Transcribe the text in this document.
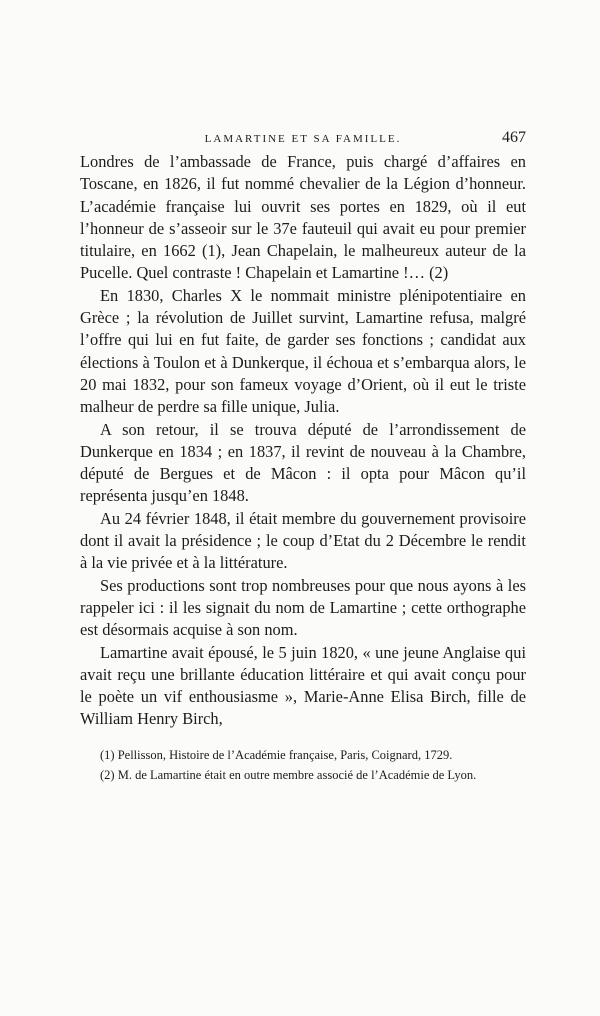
LAMARTINE ET SA FAMILLE.	467

Londres de l’ambassade de France, puis chargé d’affaires en Toscane, en 1826, il fut nommé chevalier de la Légion d’honneur. L’académie française lui ouvrit ses portes en 1829, où il eut l’honneur de s’asseoir sur le 37e fauteuil qui avait eu pour premier titulaire, en 1662 (1), Jean Chapelain, le malheureux auteur de la Pucelle. Quel contraste ! Chapelain et Lamartine !… (2)

En 1830, Charles X le nommait ministre plénipotentiaire en Grèce ; la révolution de Juillet survint, Lamartine refusa, malgré l’offre qui lui en fut faite, de garder ses fonctions ; candidat aux élections à Toulon et à Dunkerque, il échoua et s’embarqua alors, le 20 mai 1832, pour son fameux voyage d’Orient, où il eut le triste malheur de perdre sa fille unique, Julia.

A son retour, il se trouva député de l’arrondissement de Dunkerque en 1834 ; en 1837, il revint de nouveau à la Chambre, député de Bergues et de Mâcon : il opta pour Mâcon qu’il représenta jusqu’en 1848.

Au 24 février 1848, il était membre du gouvernement provisoire dont il avait la présidence ; le coup d’Etat du 2 Décembre le rendit à la vie privée et à la littérature.

Ses productions sont trop nombreuses pour que nous ayons à les rappeler ici : il les signait du nom de Lamartine ; cette orthographe est désormais acquise à son nom.

Lamartine avait épousé, le 5 juin 1820, « une jeune Anglaise qui avait reçu une brillante éducation littéraire et qui avait conçu pour le poète un vif enthousiasme », Marie-Anne Elisa Birch, fille de William Henry Birch,

(1) Pellisson, Histoire de l’Académie française, Paris, Coignard, 1729.

(2) M. de Lamartine était en outre membre associé de l’Académie de Lyon.
